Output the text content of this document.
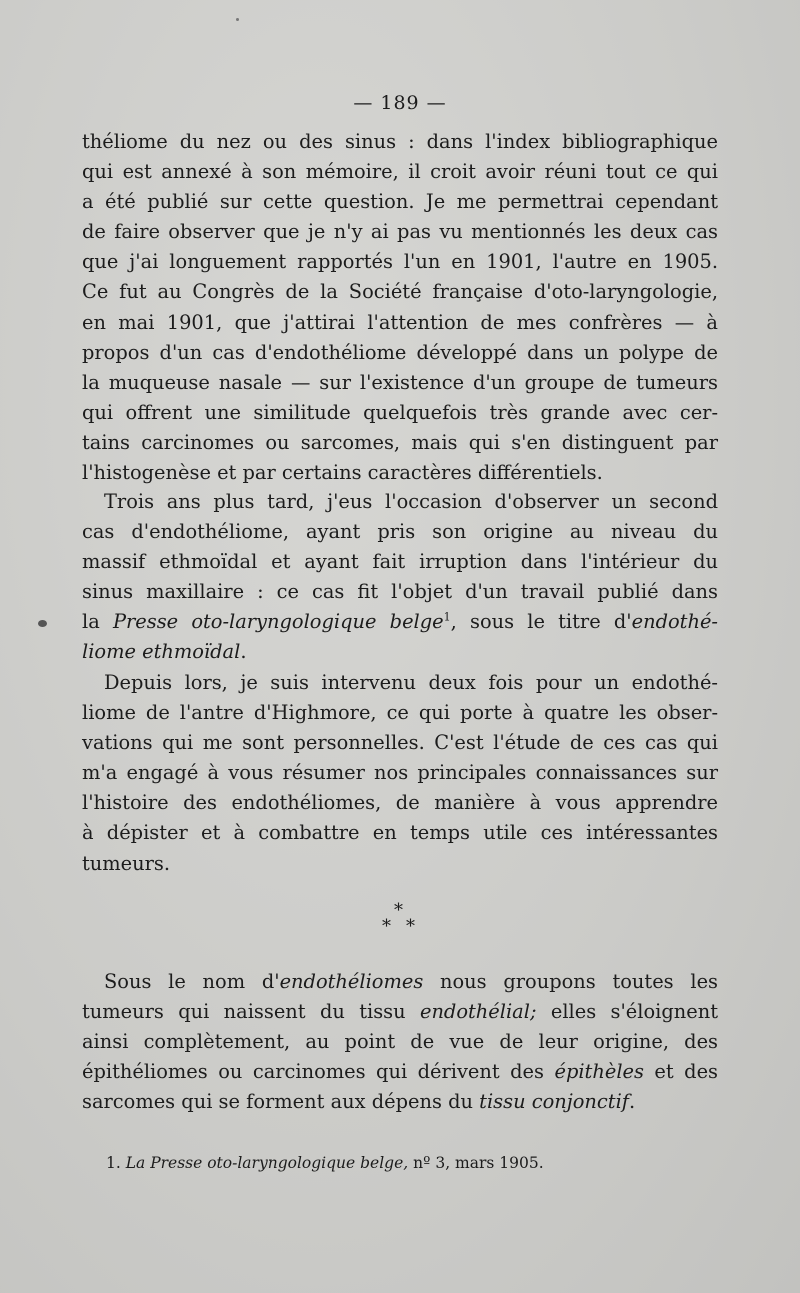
— 189 —
théliome du nez ou des sinus : dans l'index bibliographique
qui est annexé à son mémoire, il croit avoir réuni tout ce qui
a été publié sur cette question. Je me permettrai cependant
de faire observer que je n'y ai pas vu mentionnés les deux cas
que j'ai longuement rapportés l'un en 1901, l'autre en 1905.
Ce fut au Congrès de la Société française d'oto-laryngologie,
en mai 1901, que j'attirai l'attention de mes confrères — à
propos d'un cas d'endothéliome développé dans un polype de
la muqueuse nasale — sur l'existence d'un groupe de tumeurs
qui offrent une similitude quelquefois très grande avec cer-
tains carcinomes ou sarcomes, mais qui s'en distinguent par
l'histogenèse et par certains caractères différentiels.
Trois ans plus tard, j'eus l'occasion d'observer un second
cas d'endothéliome, ayant pris son origine au niveau du
massif ethmoïdal et ayant fait irruption dans l'intérieur du
sinus maxillaire : ce cas fit l'objet d'un travail publié dans
la Presse oto-laryngologique belge$^1$, sous le titre d'endothé-
liome ethmoïdal.
Depuis lors, je suis intervenu deux fois pour un endothé-
liome de l'antre d'Highmore, ce qui porte à quatre les obser-
vations qui me sont personnelles. C'est l'étude de ces cas qui
m'a engagé à vous résumer nos principales connaissances sur
l'histoire des endothéliomes, de manière à vous apprendre
à dépister et à combattre en temps utile ces intéressantes
tumeurs.
*
* *
Sous le nom d'endothéliomes nous groupons toutes les
tumeurs qui naissent du tissu endothélial; elles s'éloignent
ainsi complètement, au point de vue de leur origine, des
épithéliomes ou carcinomes qui dérivent des épithèles et des
sarcomes qui se forment aux dépens du tissu conjonctif.
1. La Presse oto-laryngologique belge, nº 3, mars 1905.
